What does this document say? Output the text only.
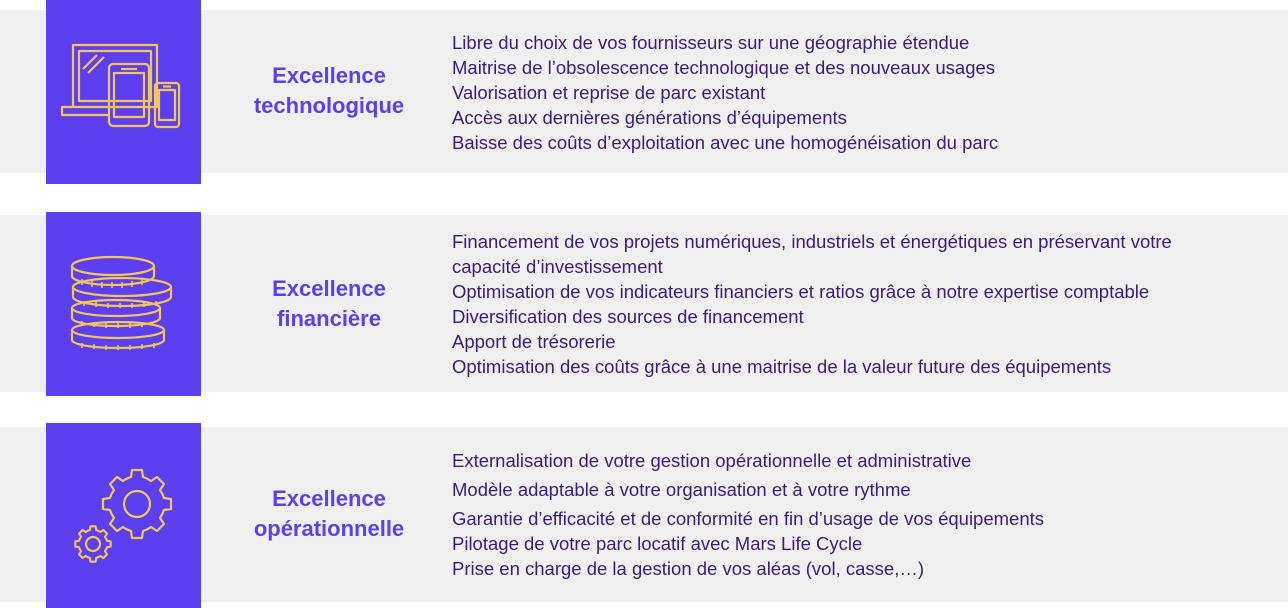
Excellence
technologique
Libre du choix de vos fournisseurs sur une géographie étendue
Maitrise de l’obsolescence technologique et des nouveaux usages
Valorisation et reprise de parc existant
Accès aux dernières générations d’équipements
Baisse des coûts d’exploitation avec une homogénéisation du parc
Excellence
financière
Financement de vos projets numériques, industriels et énergétiques en préservant votre
capacité d’investissement
Optimisation de vos indicateurs financiers et ratios grâce à notre expertise comptable
Diversification des sources de financement
Apport de trésorerie
Optimisation des coûts grâce à une maitrise de la valeur future des équipements
Excellence
opérationnelle
Externalisation de votre gestion opérationnelle et administrative
Modèle adaptable à votre organisation et à votre rythme
Garantie d’efficacité et de conformité en fin d’usage de vos équipements
Pilotage de votre parc locatif avec Mars Life Cycle
Prise en charge de la gestion de vos aléas (vol, casse,…)
